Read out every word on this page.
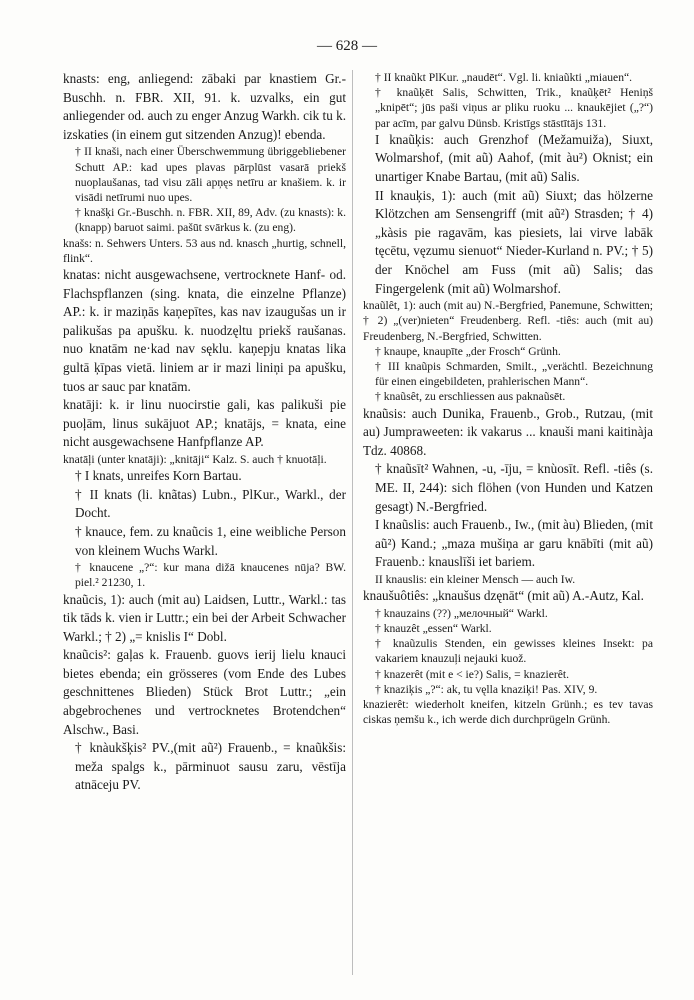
— 628 —

knasts: eng, anliegend: zābaki par knastiem Gr.-Buschh. n. FBR. XII, 91. k. uzvalks, ein gut anliegender od. auch zu enger Anzug Warkh. cik tu k. izskaties (in einem gut sitzenden Anzug)! ebenda.

† II knaši, nach einer Überschwemmung übriggebliebener Schutt AP.: kad upes plavas pārplūst vasarā priekš nuoplaušanas, tad visu zāli apņęs netīru ar knašiem. k. ir visādi netīrumi nuo upes.

† knašķi Gr.-Buschh. n. FBR. XII, 89, Adv. (zu knasts): k. (knapp) baruot saimi. pašūt svārkus k. (zu eng).

knašs: n. Sehwers Unters. 53 aus nd. knasch „hurtig, schnell, flink“.

knatas: nicht ausgewachsene, vertrocknete Hanf- od. Flachspflanzen (sing. knata, die einzelne Pflanze) AP.: k. ir maziņās kaņepītes, kas nav izaugušas un ir palikušas pa apušku. k. nuodzęltu priekš raušanas. nuo knatām ne·kad nav sęklu. kaņepju knatas lika gultā ķīpas vietā. liniem ar ir mazi liniņi pa apušku, tuos ar sauc par knatām.

knatāji: k. ir linu nuocirstie gali, kas palikuši pie puoļām, linus sukājuot AP.; knatājs, = knata, eine nicht ausgewachsene Hanfpflanze AP.

knatāļi (unter knatāji): „knitāji“ Kalz. S. auch † knuotāļi.

† I knats, unreifes Korn Bartau.

† II knats (li. knãtas) Lubn., PlKur., Warkl., der Docht.

† knauce, fem. zu knaũcis 1, eine weibliche Person von kleinem Wuchs Warkl.

† knaucene „?“: kur mana dižā knaucenes nūja? BW. piel.² 21230, 1.

knaũcis, 1): auch (mit au) Laidsen, Luttr., Warkl.: tas tik tāds k. vien ir Luttr.; ein bei der Arbeit Schwacher Warkl.; † 2) „= knislis I“ Dobl.

knaũcis²: gaļas k. Frauenb. guovs ierij lielu knauci bietes ebenda; ein grösseres (vom Ende des Lubes geschnittenes Blieden) Stück Brot Luttr.; „ein abgebrochenes und vertrocknetes Brotendchen“ Alschw., Basi.

† knàukšķis² PV.,(mit aũ²) Frauenb., = knaũkšis: meža spalgs k., pārminuot sausu zaru, vēstīja atnāceju PV.

† II knaũkt PlKur. „naudēt“. Vgl. li. kniaũkti „miauen“.

† knaũķēt Salis, Schwitten, Trik., knaũķēt² Heniņš „knipēt“; jūs paši viņus ar pliku ruoku ... knaukējiet („?“) par acīm, par galvu Dünsb. Kristīgs stāstītājs 131.

I knaũķis: auch Grenzhof (Mežamuiža), Siuxt, Wolmarshof, (mit aũ) Aahof, (mit àu²) Oknist; ein unartiger Knabe Bartau, (mit aũ) Salis.

II knauķis, 1): auch (mit aũ) Siuxt; das hölzerne Klötzchen am Sensengriff (mit aũ²) Strasden; † 4) „kàsis pie ragavām, kas piesiets, lai virve labāk tęcētu, vęzumu sienuot“ Nieder-Kurland n. PV.; † 5) der Knöchel am Fuss (mit aũ) Salis; das Fingergelenk (mit aũ) Wolmarshof.

knaũlêt, 1): auch (mit au) N.-Bergfried, Panemune, Schwitten; † 2) „(ver)nieten“ Freudenberg. Refl. -tiês: auch (mit au) Freudenberg, N.-Bergfried, Schwitten.

† knaupe, knaupīte „der Frosch“ Grünh.

† III knaũpis Schmarden, Smilt., „verächtl. Bezeichnung für einen eingebildeten, prahlerischen Mann“.

† knaũsêt, zu erschliessen aus paknaũsēt.

knaũsis: auch Dunika, Frauenb., Grob., Rutzau, (mit au) Jumpraweeten: ik vakarus ... knauši mani kaitinàja Tdz. 40868.

† knaũsīt² Wahnen, -u, -īju, = knùosīt. Refl. -tiês (s. ME. II, 244): sich flöhen (von Hunden und Katzen gesagt) N.-Bergfried.

I knaũslis: auch Frauenb., Iw., (mit àu) Blieden, (mit aũ²) Kand.; „maza mušiņa ar garu knābīti (mit aũ) Frauenb.: knauslīši iet bariem.

II knauslis: ein kleiner Mensch — auch Iw.

knaušuôtiês: „knaušus dzęnāt“ (mit aũ) A.-Autz, Kal.

† knauzains (??) „мелочный“ Warkl.

† knauzêt „essen“ Warkl.

† knaũzulis Stenden, ein gewisses kleines Insekt: pa vakariem knauzuļi nejauki kuož.

† knazerêt (mit e < ie?) Salis, = knazierêt.

† knaziķis „?“: ak, tu vęlla knaziķi! Pas. XIV, 9.

knazierêt: wiederholt kneifen, kitzeln Grünh.; es tev tavas ciskas ņemšu k., ich werde dich durchprügeln Grünh.
